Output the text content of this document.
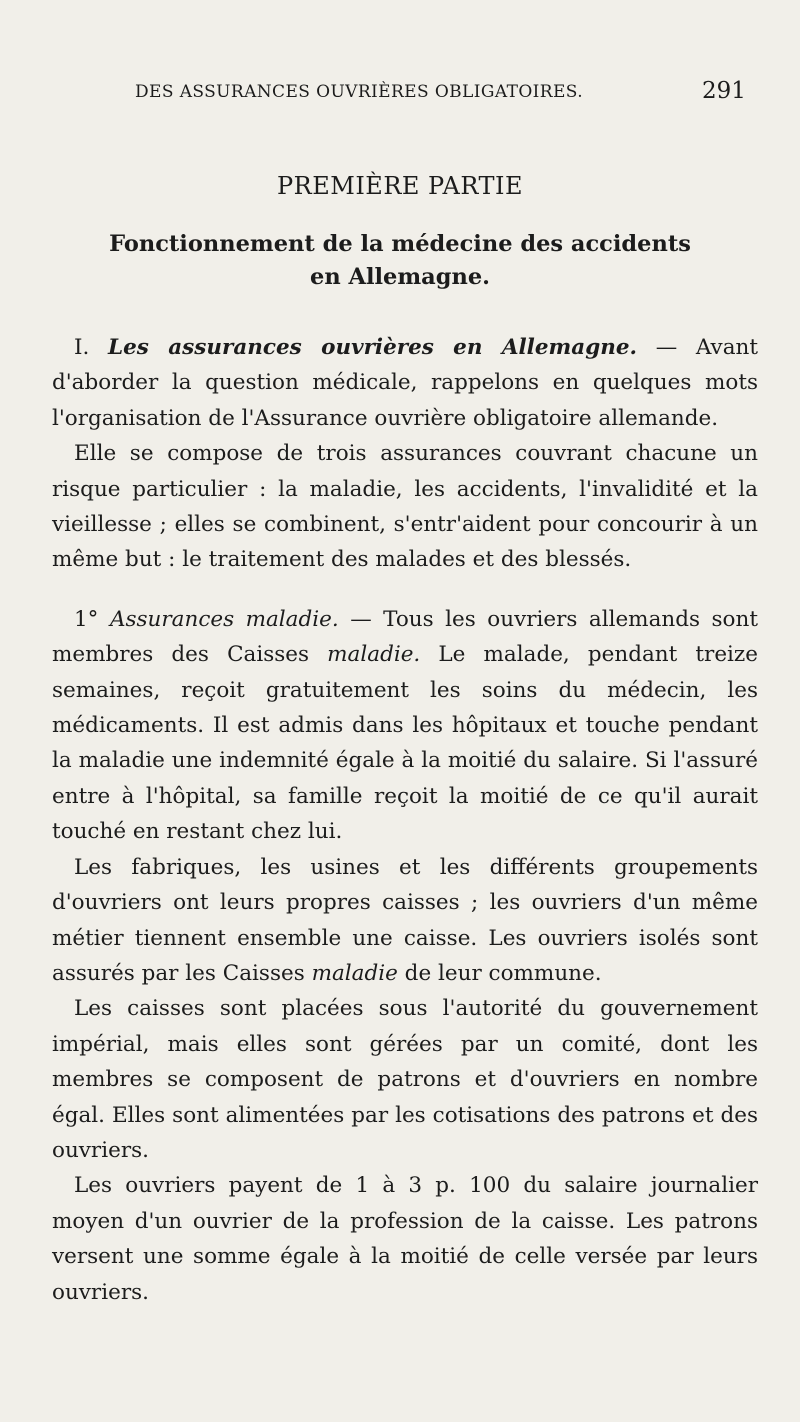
DES ASSURANCES OUVRIÈRES OBLIGATOIRES.	291
PREMIÈRE PARTIE
Fonctionnement de la médecine des accidents
en Allemagne.

I. Les assurances ouvrières en Allemagne. — Avant d'aborder la question médicale, rappelons en quelques mots l'organisation de l'Assurance ouvrière obligatoire allemande.

Elle se compose de trois assurances couvrant chacune un risque particulier : la maladie, les accidents, l'invalidité et la vieillesse ; elles se combinent, s'entr'aident pour concourir à un même but : le traitement des malades et des blessés.

1° Assurances maladie. — Tous les ouvriers allemands sont membres des Caisses maladie. Le malade, pendant treize semaines, reçoit gratuitement les soins du médecin, les médicaments. Il est admis dans les hôpitaux et touche pendant la maladie une indemnité égale à la moitié du salaire. Si l'assuré entre à l'hôpital, sa famille reçoit la moitié de ce qu'il aurait touché en restant chez lui.

Les fabriques, les usines et les différents groupements d'ouvriers ont leurs propres caisses ; les ouvriers d'un même métier tiennent ensemble une caisse. Les ouvriers isolés sont assurés par les Caisses maladie de leur commune.

Les caisses sont placées sous l'autorité du gouvernement impérial, mais elles sont gérées par un comité, dont les membres se composent de patrons et d'ouvriers en nombre égal. Elles sont alimentées par les cotisations des patrons et des ouvriers.

Les ouvriers payent de 1 à 3 p. 100 du salaire journalier moyen d'un ouvrier de la profession de la caisse. Les patrons versent une somme égale à la moitié de celle versée par leurs ouvriers.
